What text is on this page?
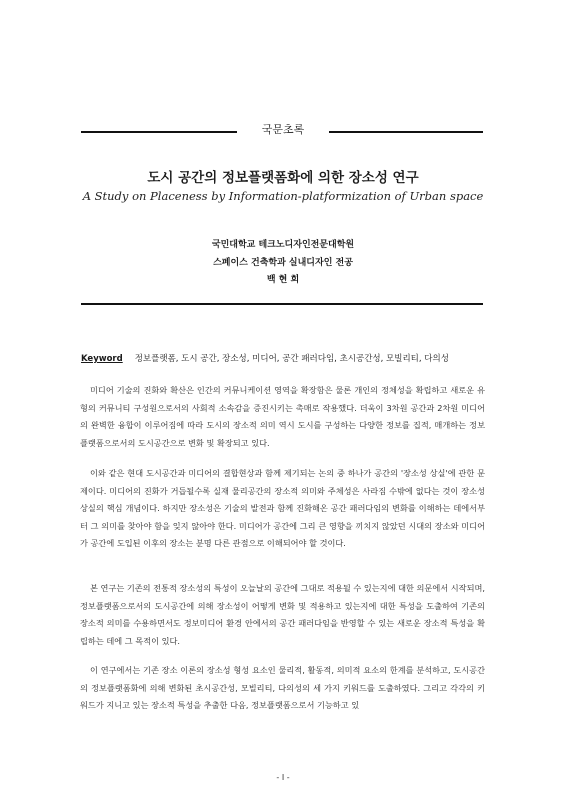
국문초록
도시 공간의 정보플랫폼화에 의한 장소성 연구
A Study on Placeness by Information-platformization of Urban space
국민대학교 테크노디자인전문대학원
스페이스 건축학과 실내디자인 전공
백 현 희
Keyword 정보플랫폼, 도시 공간, 장소성, 미디어, 공간 패러다임, 초시공간성, 모빌리티, 다의성

미디어 기술의 진화와 확산은 인간의 커뮤니케이션 영역을 확장함은 물론 개인의 정체성을 확립하고 새로운 유형의 커뮤니티 구성원으로서의 사회적 소속감을 증진시키는 촉매로 작용했다. 더욱이 3차원 공간과 2차원 미디어의 완벽한 융합이 이루어짐에 따라 도시의 장소적 의미 역시 도시를 구성하는 다양한 정보를 집적, 매개하는 정보플랫폼으로서의 도시공간으로 변화 및 확장되고 있다.

이와 같은 현대 도시공간과 미디어의 결합현상과 함께 제기되는 논의 중 하나가 공간의 '장소성 상실'에 관한 문제이다. 미디어의 진화가 거듭될수록 실재 물리공간의 장소적 의미와 주체성은 사라짐 수밖에 없다는 것이 장소성 상실의 핵심 개념이다. 하지만 장소성은 기술의 발전과 함께 진화해온 공간 패러다임의 변화를 이해하는 데에서부터 그 의미를 찾아야 함을 잊지 않아야 한다. 미디어가 공간에 그리 큰 영향을 끼치지 않았던 시대의 장소와 미디어가 공간에 도입된 이후의 장소는 분명 다른 관점으로 이해되어야 할 것이다.

본 연구는 기존의 전통적 장소성의 특성이 오늘날의 공간에 그대로 적용될 수 있는지에 대한 의문에서 시작되며, 정보플랫폼으로서의 도시공간에 의해 장소성이 어떻게 변화 및 적용하고 있는지에 대한 특성을 도출하여 기존의 장소적 의미를 수용하면서도 정보미디어 환경 안에서의 공간 패러다임을 반영할 수 있는 새로운 장소적 특성을 확립하는 데에 그 목적이 있다.

이 연구에서는 기존 장소 이론의 장소성 형성 요소인 물리적, 활동적, 의미적 요소의 한계를 분석하고, 도시공간의 정보플랫폼화에 의해 변화된 초시공간성, 모빌리티, 다의성의 세 가지 키워드를 도출하였다. 그리고 각각의 키워드가 지니고 있는 장소적 특성을 추출한 다음, 정보플랫폼으로서 기능하고 있

- I -
